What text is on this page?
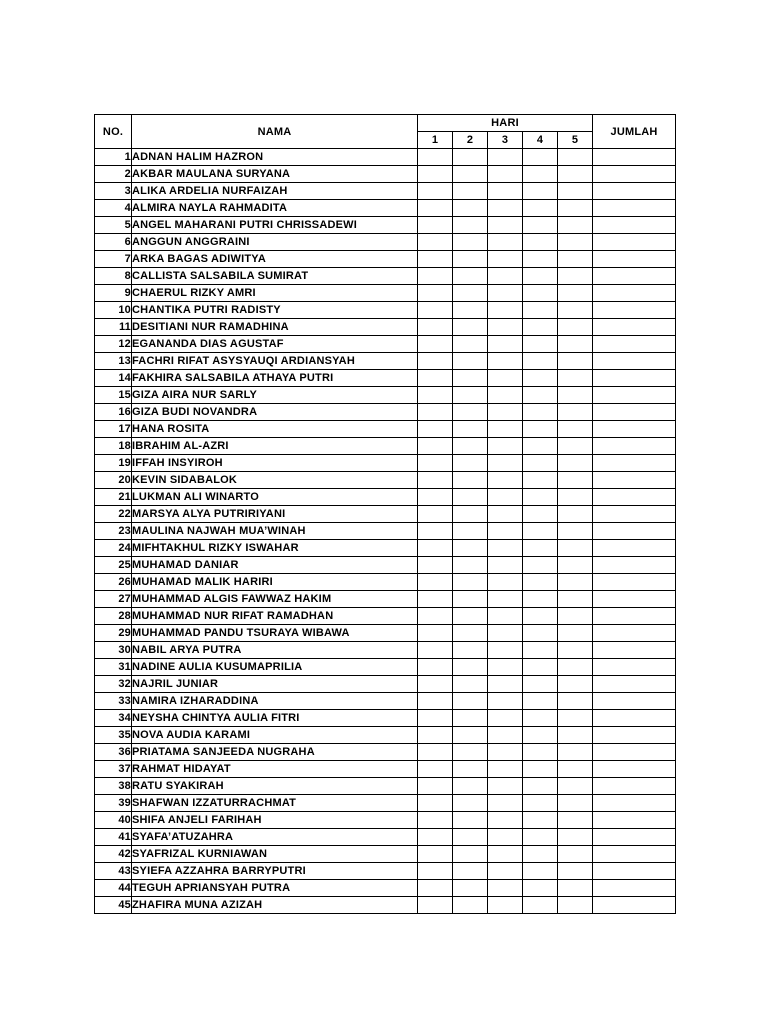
NO.	NAMA	HARI					JUMLAH
		1	2	3	4	5	
1	ADNAN HALIM HAZRON						
2	AKBAR MAULANA SURYANA						
3	ALIKA ARDELIA NURFAIZAH						
4	ALMIRA NAYLA RAHMADITA						
5	ANGEL MAHARANI PUTRI CHRISSADEWI						
6	ANGGUN ANGGRAINI						
7	ARKA BAGAS ADIWITYA						
8	CALLISTA SALSABILA SUMIRAT						
9	CHAERUL RIZKY AMRI						
10	CHANTIKA PUTRI RADISTY						
11	DESITIANI NUR RAMADHINA						
12	EGANANDA DIAS AGUSTAF						
13	FACHRI RIFAT ASYSYAUQI ARDIANSYAH						
14	FAKHIRA SALSABILA ATHAYA PUTRI						
15	GIZA AIRA NUR SARLY						
16	GIZA BUDI NOVANDRA						
17	HANA ROSITA						
18	IBRAHIM AL-AZRI						
19	IFFAH INSYIROH						
20	KEVIN SIDABALOK						
21	LUKMAN ALI WINARTO						
22	MARSYA ALYA PUTRIRIYANI						
23	MAULINA NAJWAH MUA’WINAH						
24	MIFHTAKHUL RIZKY ISWAHAR						
25	MUHAMAD DANIAR						
26	MUHAMAD MALIK HARIRI						
27	MUHAMMAD ALGIS FAWWAZ HAKIM						
28	MUHAMMAD NUR RIFAT RAMADHAN						
29	MUHAMMAD PANDU TSURAYA WIBAWA						
30	NABIL ARYA PUTRA						
31	NADINE AULIA KUSUMAPRILIA						
32	NAJRIL JUNIAR						
33	NAMIRA IZHARADDINA						
34	NEYSHA CHINTYA AULIA FITRI						
35	NOVA AUDIA KARAMI						
36	PRIATAMA SANJEEDA NUGRAHA						
37	RAHMAT HIDAYAT						
38	RATU SYAKIRAH						
39	SHAFWAN IZZATURRACHMAT						
40	SHIFA ANJELI FARIHAH						
41	SYAFA’ATUZAHRA						
42	SYAFRIZAL KURNIAWAN						
43	SYIEFA AZZAHRA BARRYPUTRI						
44	TEGUH APRIANSYAH PUTRA						
45	ZHAFIRA MUNA AZIZAH						
